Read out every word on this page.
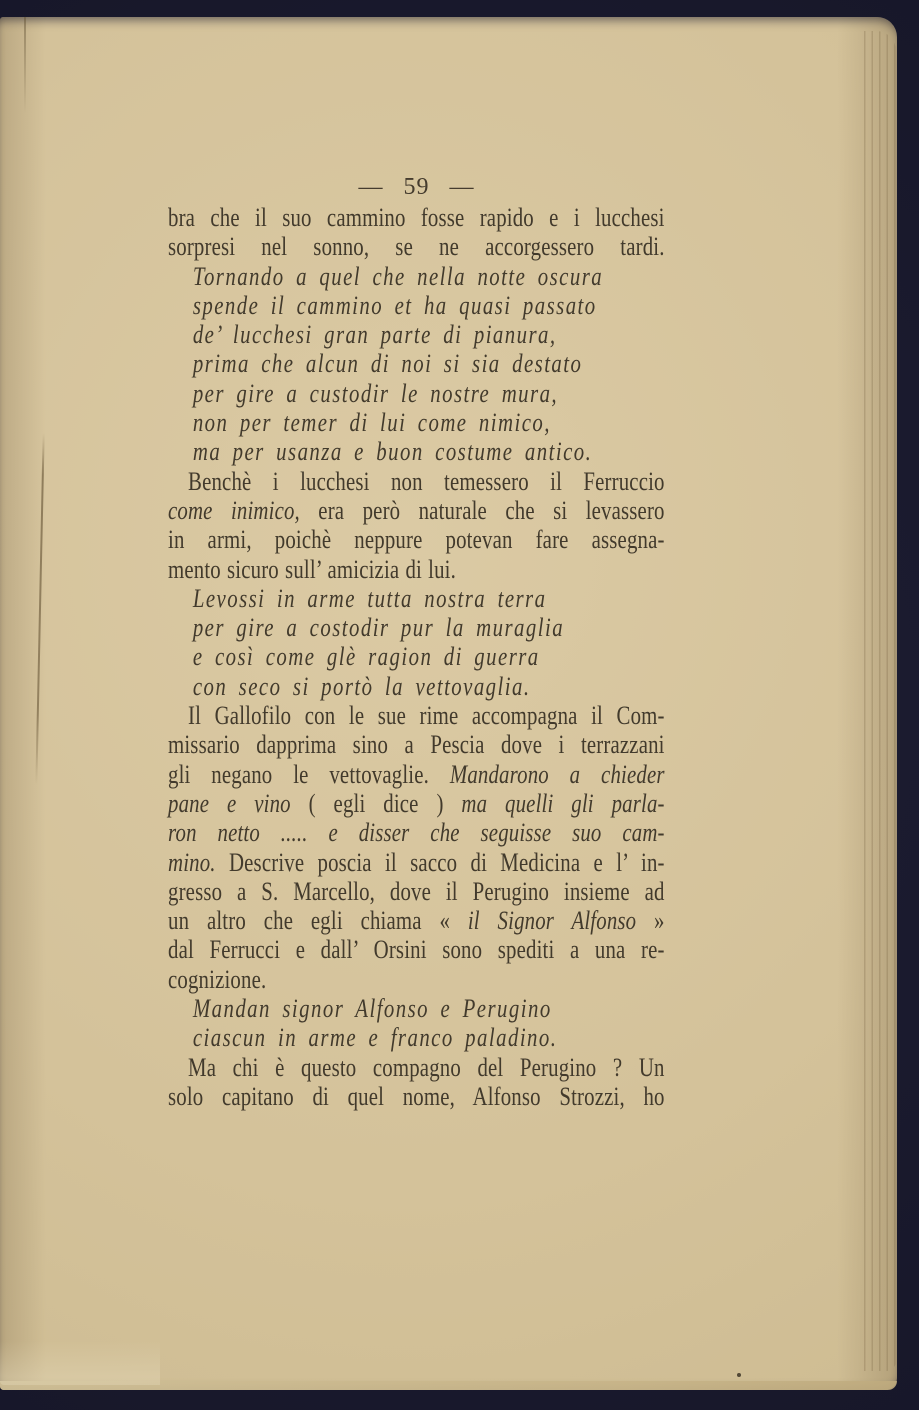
— 59 —
bra che il suo cammino fosse rapido e i lucchesi
sorpresi nel sonno, se ne accorgessero tardi.
Tornando a quel che nella notte oscura
spende il cammino et ha quasi passato
de’ lucchesi gran parte di pianura,
prima che alcun di noi si sia destato
per gire a custodir le nostre mura,
non per temer di lui come nimico,
ma per usanza e buon costume antico.
Benchè i lucchesi non temessero il Ferruccio
come inimico, era però naturale che si levassero
in armi, poichè neppure potevan fare assegna-
mento sicuro sull’ amicizia di lui.
Levossi in arme tutta nostra terra
per gire a costodir pur la muraglia
e così come glè ragion di guerra
con seco si portò la vettovaglia.
Il Gallofilo con le sue rime accompagna il Com-
missario dapprima sino a Pescia dove i terrazzani
gli negano le vettovaglie. Mandarono a chieder
pane e vino ( egli dice ) ma quelli gli parla-
ron netto ..... e disser che seguisse suo cam-
mino. Descrive poscia il sacco di Medicina e l’ in-
gresso a S. Marcello, dove il Perugino insieme ad
un altro che egli chiama « il Signor Alfonso »
dal Ferrucci e dall’ Orsini sono spediti a una re-
cognizione.
Mandan signor Alfonso e Perugino
ciascun in arme e franco paladino.
Ma chi è questo compagno del Perugino ? Un
solo capitano di quel nome, Alfonso Strozzi, ho
